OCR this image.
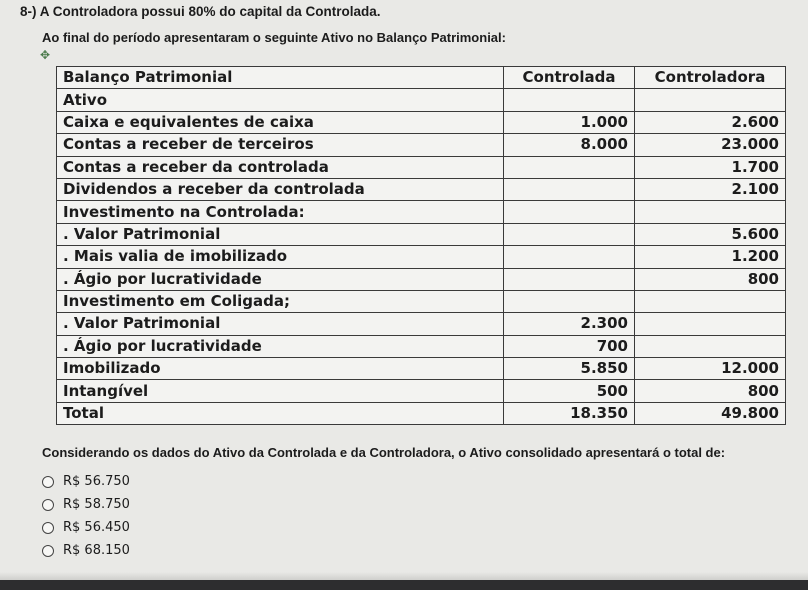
8-) A Controladora possui 80% do capital da Controlada.
Ao final do período apresentaram o seguinte Ativo no Balanço Patrimonial:
✥
Balanço Patrimonial	Controlada	Controladora
Ativo		
Caixa e equivalentes de caixa	1.000	2.600
Contas a receber de terceiros	8.000	23.000
Contas a receber da controlada		1.700
Dividendos a receber da controlada		2.100
Investimento na Controlada:		
. Valor Patrimonial		5.600
. Mais valia de imobilizado		1.200
. Ágio por lucratividade		800
Investimento em Coligada;		
. Valor Patrimonial	2.300	
. Ágio por lucratividade	700	
Imobilizado	5.850	12.000
Intangível	500	800
Total	18.350	49.800
Considerando os dados do Ativo da Controlada e da Controladora, o Ativo consolidado apresentará o total de:
R$ 56.750
R$ 58.750
R$ 56.450
R$ 68.150
